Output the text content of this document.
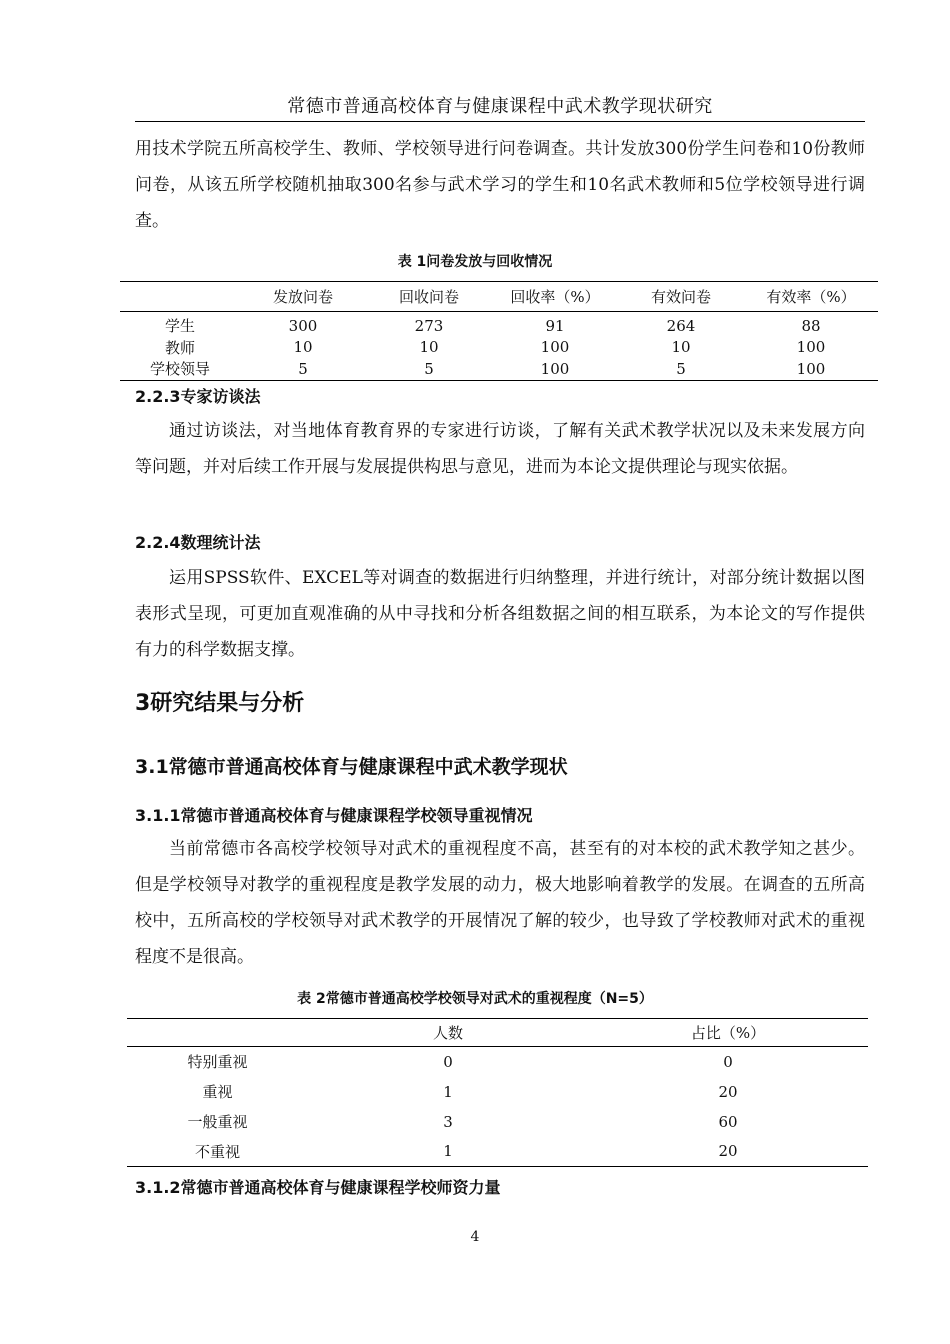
常德市普通高校体育与健康课程中武术教学现状研究

用技术学院五所高校学生、教师、学校领导进行问卷调查。共计发放300份学生问卷和10份教师问卷，从该五所学校随机抽取300名参与武术学习的学生和10名武术教师和5位学校领导进行调查。

表 1问卷发放与回收情况
	发放问卷	回收问卷	回收率（%）	有效问卷	有效率（%）
学生	300	273	91	264	88
教师	10	10	100	10	100
学校领导	5	5	100	5	100
2.2.3专家访谈法

通过访谈法，对当地体育教育界的专家进行访谈，了解有关武术教学状况以及未来发展方向等问题，并对后续工作开展与发展提供构思与意见，进而为本论文提供理论与现实依据。

2.2.4数理统计法

运用SPSS软件、EXCEL等对调查的数据进行归纳整理，并进行统计，对部分统计数据以图表形式呈现，可更加直观准确的从中寻找和分析各组数据之间的相互联系，为本论文的写作提供有力的科学数据支撑。

3研究结果与分析
3.1常德市普通高校体育与健康课程中武术教学现状
3.1.1常德市普通高校体育与健康课程学校领导重视情况

当前常德市各高校学校领导对武术的重视程度不高，甚至有的对本校的武术教学知之甚少。但是学校领导对教学的重视程度是教学发展的动力，极大地影响着教学的发展。在调查的五所高校中，五所高校的学校领导对武术教学的开展情况了解的较少，也导致了学校教师对武术的重视程度不是很高。

表 2常德市普通高校学校领导对武术的重视程度（N=5）
	人数	占比（%）
特别重视	0	0
重视	1	20
一般重视	3	60
不重视	1	20
3.1.2常德市普通高校体育与健康课程学校师资力量
4
